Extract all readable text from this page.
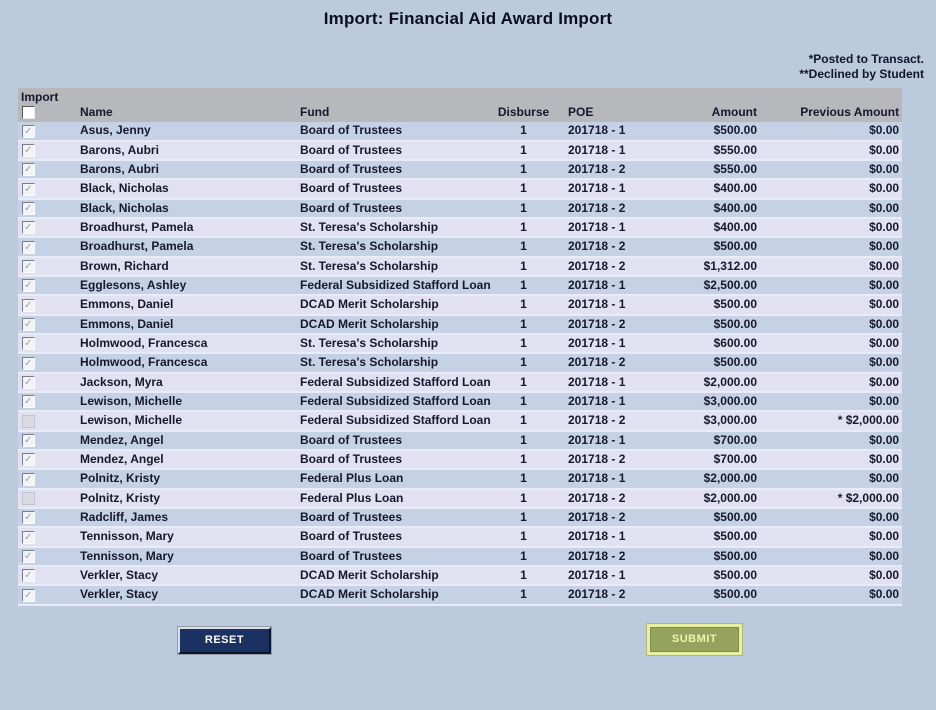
Import: Financial Aid Award Import
*Posted to Transact.
**Declined by Student
Import						
	Name	Fund	Disburse	POE	Amount	Previous Amount
✓	Asus, Jenny	Board of Trustees	1	201718 - 1	$500.00	$0.00
✓	Barons, Aubri	Board of Trustees	1	201718 - 1	$550.00	$0.00
✓	Barons, Aubri	Board of Trustees	1	201718 - 2	$550.00	$0.00
✓	Black, Nicholas	Board of Trustees	1	201718 - 1	$400.00	$0.00
✓	Black, Nicholas	Board of Trustees	1	201718 - 2	$400.00	$0.00
✓	Broadhurst, Pamela	St. Teresa's Scholarship	1	201718 - 1	$400.00	$0.00
✓	Broadhurst, Pamela	St. Teresa's Scholarship	1	201718 - 2	$500.00	$0.00
✓	Brown, Richard	St. Teresa's Scholarship	1	201718 - 2	$1,312.00	$0.00
✓	Egglesons, Ashley	Federal Subsidized Stafford Loan	1	201718 - 1	$2,500.00	$0.00
✓	Emmons, Daniel	DCAD Merit Scholarship	1	201718 - 1	$500.00	$0.00
✓	Emmons, Daniel	DCAD Merit Scholarship	1	201718 - 2	$500.00	$0.00
✓	Holmwood, Francesca	St. Teresa's Scholarship	1	201718 - 1	$600.00	$0.00
✓	Holmwood, Francesca	St. Teresa's Scholarship	1	201718 - 2	$500.00	$0.00
✓	Jackson, Myra	Federal Subsidized Stafford Loan	1	201718 - 1	$2,000.00	$0.00
✓	Lewison, Michelle	Federal Subsidized Stafford Loan	1	201718 - 1	$3,000.00	$0.00
	Lewison, Michelle	Federal Subsidized Stafford Loan	1	201718 - 2	$3,000.00	* $2,000.00
✓	Mendez, Angel	Board of Trustees	1	201718 - 1	$700.00	$0.00
✓	Mendez, Angel	Board of Trustees	1	201718 - 2	$700.00	$0.00
✓	Polnitz, Kristy	Federal Plus Loan	1	201718 - 1	$2,000.00	$0.00
	Polnitz, Kristy	Federal Plus Loan	1	201718 - 2	$2,000.00	* $2,000.00
✓	Radcliff, James	Board of Trustees	1	201718 - 2	$500.00	$0.00
✓	Tennisson, Mary	Board of Trustees	1	201718 - 1	$500.00	$0.00
✓	Tennisson, Mary	Board of Trustees	1	201718 - 2	$500.00	$0.00
✓	Verkler, Stacy	DCAD Merit Scholarship	1	201718 - 1	$500.00	$0.00
✓	Verkler, Stacy	DCAD Merit Scholarship	1	201718 - 2	$500.00	$0.00
RESET	SUBMIT
